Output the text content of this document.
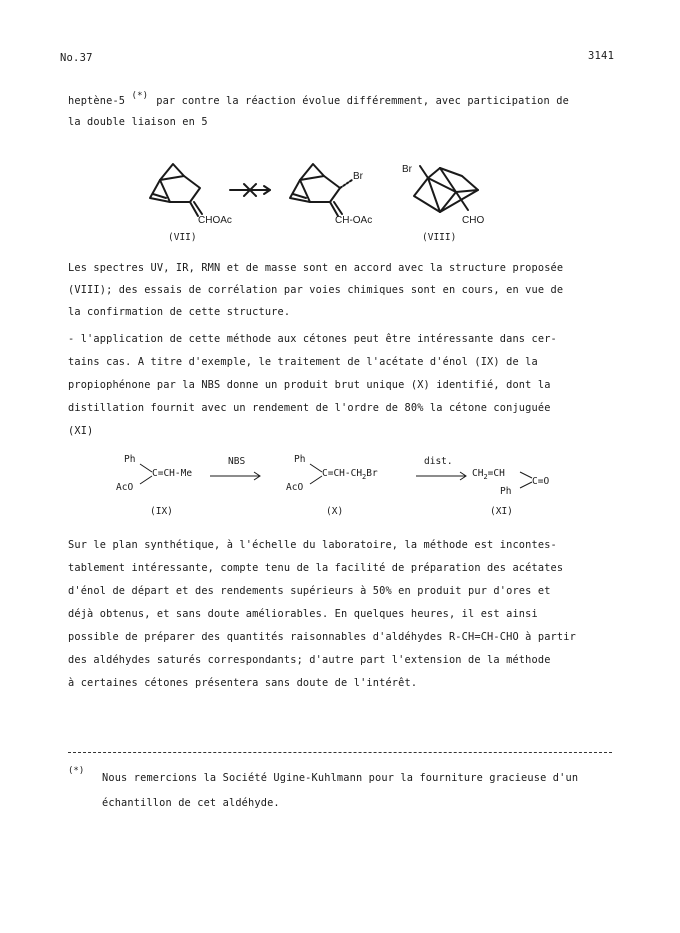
No.37	3141
heptène-5 (*) par contre la réaction évolue différemment, avec participation de
la double liaison en 5
CHOAc
(VII)
Br
CH-OAc
Br
CHO
(VIII)
Les spectres UV, IR, RMN et de masse sont en accord avec la structure proposée
(VIII); des essais de corrélation par voies chimiques sont en cours, en vue de
la confirmation de cette structure.
- l'application de cette méthode aux cétones peut être intéressante dans cer-
tains cas. A titre d'exemple, le traitement de l'acétate d'énol (IX) de la
propiophénone par la NBS donne un produit brut unique (X) identifié, dont la
distillation fournit avec un rendement de l'ordre de 80% la cétone conjuguée
(XI)
Ph
C=CH-Me
AcO
(IX)
NBS	Ph
$C=CH-CH_2Br$
AcO
(X)
dist.
$CH_2=CH$
C=O
Ph
(XI)
Sur le plan synthétique, à l'échelle du laboratoire, la méthode est incontes-
tablement intéressante, compte tenu de la facilité de préparation des acétates
d'énol de départ et des rendements supérieurs à 50% en produit pur d'ores et
déjà obtenus, et sans doute améliorables. En quelques heures, il est ainsi
possible de préparer des quantités raisonnables d'aldéhydes R-CH=CH-CHO à partir
des aldéhydes saturés correspondants; d'autre part l'extension de la méthode
à certaines cétones présentera sans doute de l'intérêt.
(*)
Nous remercions la Société Ugine-Kuhlmann pour la fourniture gracieuse d'un
échantillon de cet aldéhyde.
